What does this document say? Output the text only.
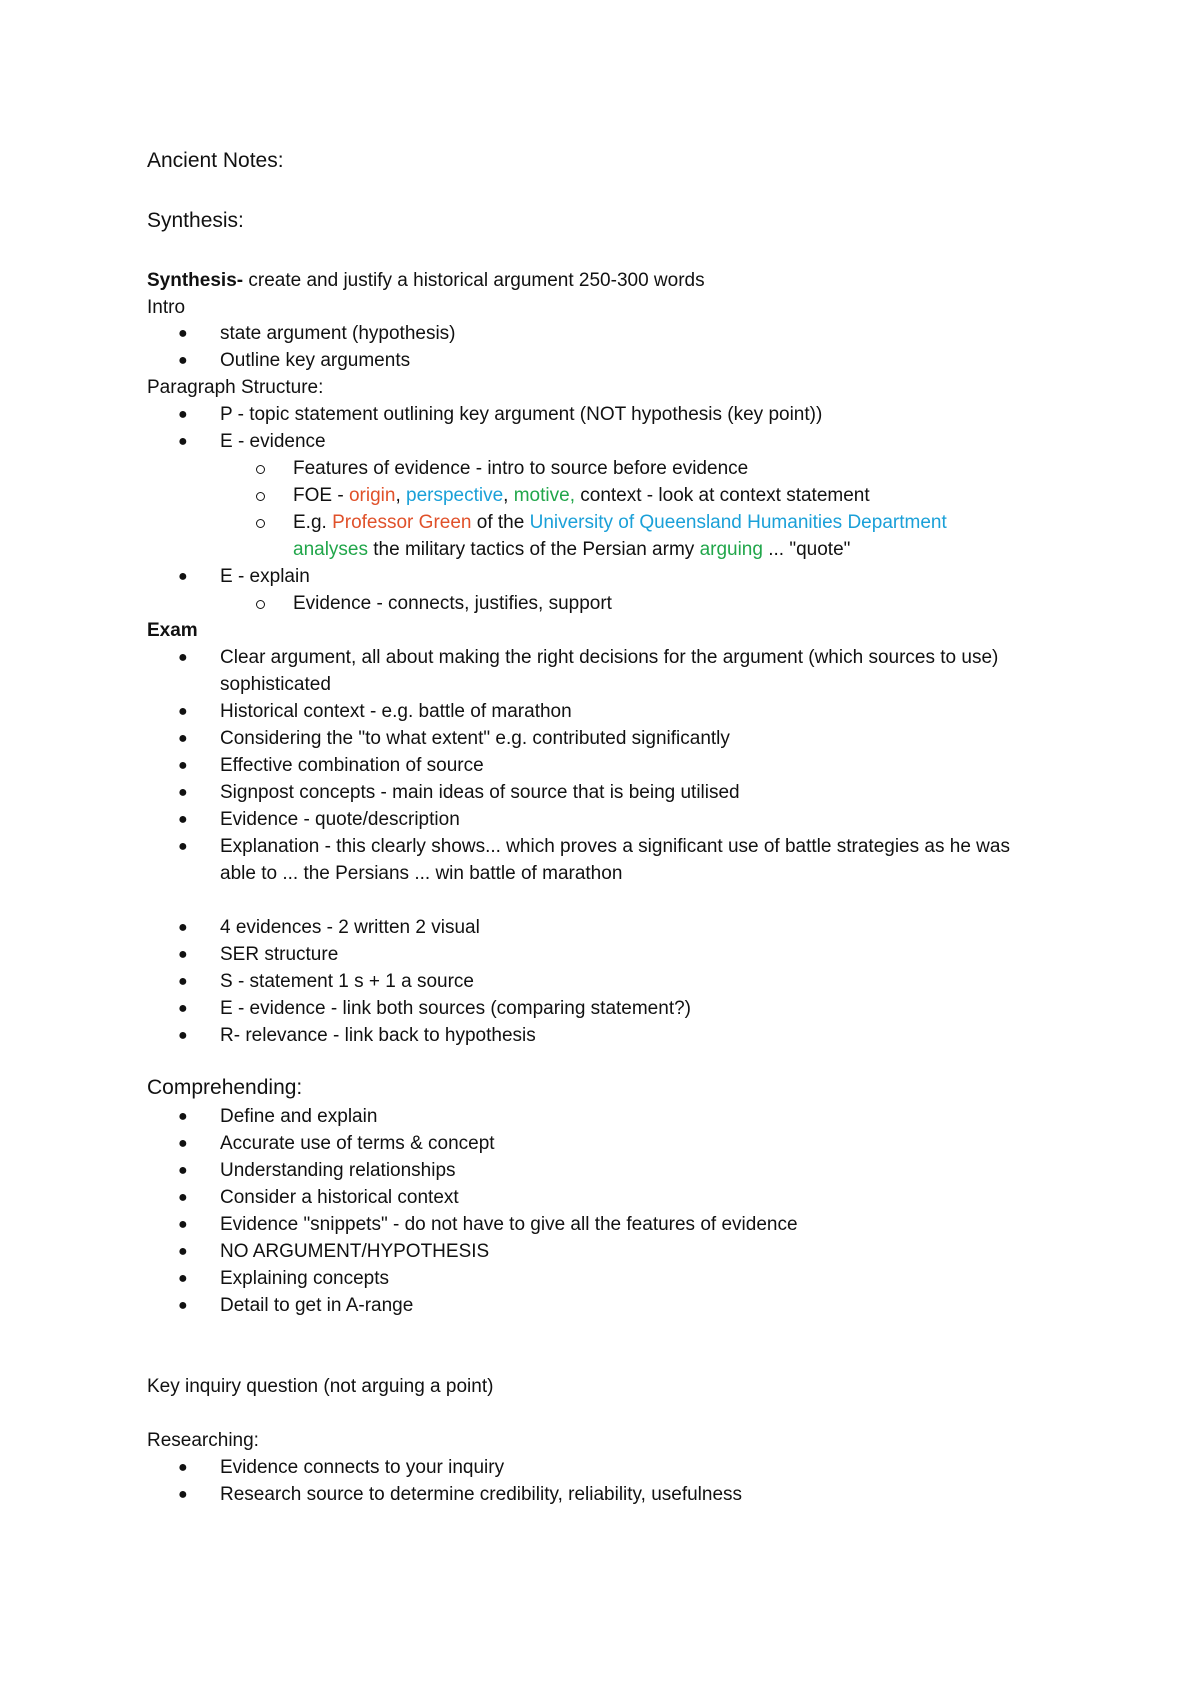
Ancient Notes:
Synthesis:
Synthesis- create and justify a historical argument 250-300 words
Intro
● state argument (hypothesis)
● Outline key arguments
Paragraph Structure:
● P - topic statement outlining key argument (NOT hypothesis (key point))
● E - evidence
Features of evidence - intro to source before evidence
FOE - origin, perspective, motive, context - look at context statement
E.g. Professor Green of the University of Queensland Humanities Department
analyses the military tactics of the Persian army arguing ... "quote"
● E - explain
Evidence - connects, justifies, support
Exam
● Clear argument, all about making the right decisions for the argument (which sources to use)
sophisticated
● Historical context - e.g. battle of marathon
● Considering the "to what extent" e.g. contributed significantly
● Effective combination of source
● Signpost concepts - main ideas of source that is being utilised
● Evidence - quote/description
● Explanation - this clearly shows... which proves a significant use of battle strategies as he was
able to ... the Persians ... win battle of marathon
● 4 evidences - 2 written 2 visual
● SER structure
● S - statement 1 s + 1 a source
● E - evidence - link both sources (comparing statement?)
● R- relevance - link back to hypothesis
Comprehending:
● Define and explain
● Accurate use of terms & concept
● Understanding relationships
● Consider a historical context
● Evidence "snippets" - do not have to give all the features of evidence
● NO ARGUMENT/HYPOTHESIS
● Explaining concepts
● Detail to get in A-range
Key inquiry question (not arguing a point)
Researching:
● Evidence connects to your inquiry
● Research source to determine credibility, reliability, usefulness
